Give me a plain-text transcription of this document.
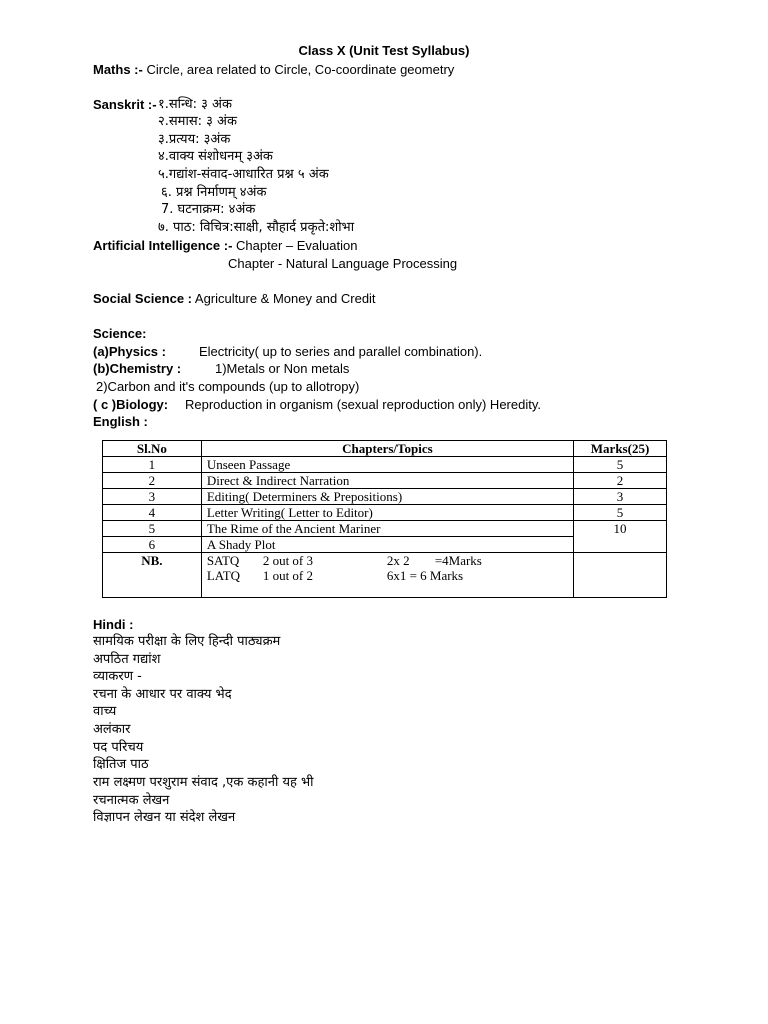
Class X (Unit Test Syllabus)
Maths :- Circle, area related to Circle, Co-coordinate geometry
Sanskrit :- १.सन्धि: ३ अंक
२.समास: ३ अंक
३.प्रत्यय: ३अंक
४.वाक्य संशोधनम् ३अंक
५.गद्यांश-संवाद-आधारित प्रश्न ५ अंक
६. प्रश्न निर्माणम् ४अंक
7. घटनाक्रम: ४अंक
७. पाठ: विचित्र:साक्षी, सौहार्द प्रकृते:शोभा
Artificial Intelligence :- Chapter – Evaluation
Chapter - Natural Language Processing
Social Science : Agriculture & Money and Credit
Science:
(a)Physics :	Electricity( up to series and parallel combination).
(b)Chemistry :	1)Metals or Non metals
2)Carbon and it's compounds (up to allotropy)
( c )Biology: Reproduction in organism (sexual reproduction only) Heredity.
English :
Sl.No	Chapters/Topics	Marks(25)
1	Unseen Passage	5
2	Direct & Indirect Narration	2
3	Editing( Determiners & Prepositions)	3
4	Letter Writing( Letter to Editor)	5
5	The Rime of the Ancient Mariner	10
6	A Shady Plot	
NB.	SATQ 2 out of 3 2x 2 =4Marks
LATQ 1 out of 2 6x1 = 6 Marks	

Hindi :
सामयिक परीक्षा के लिए हिन्दी पाठ्यक्रम
अपठित गद्यांश
व्याकरण -
रचना के आधार पर वाक्य भेद
वाच्य
अलंकार
पद परिचय
क्षितिज पाठ
राम लक्ष्मण परशुराम संवाद ,एक कहानी यह भी
रचनात्मक लेखन
विज्ञापन लेखन या संदेश लेखन
